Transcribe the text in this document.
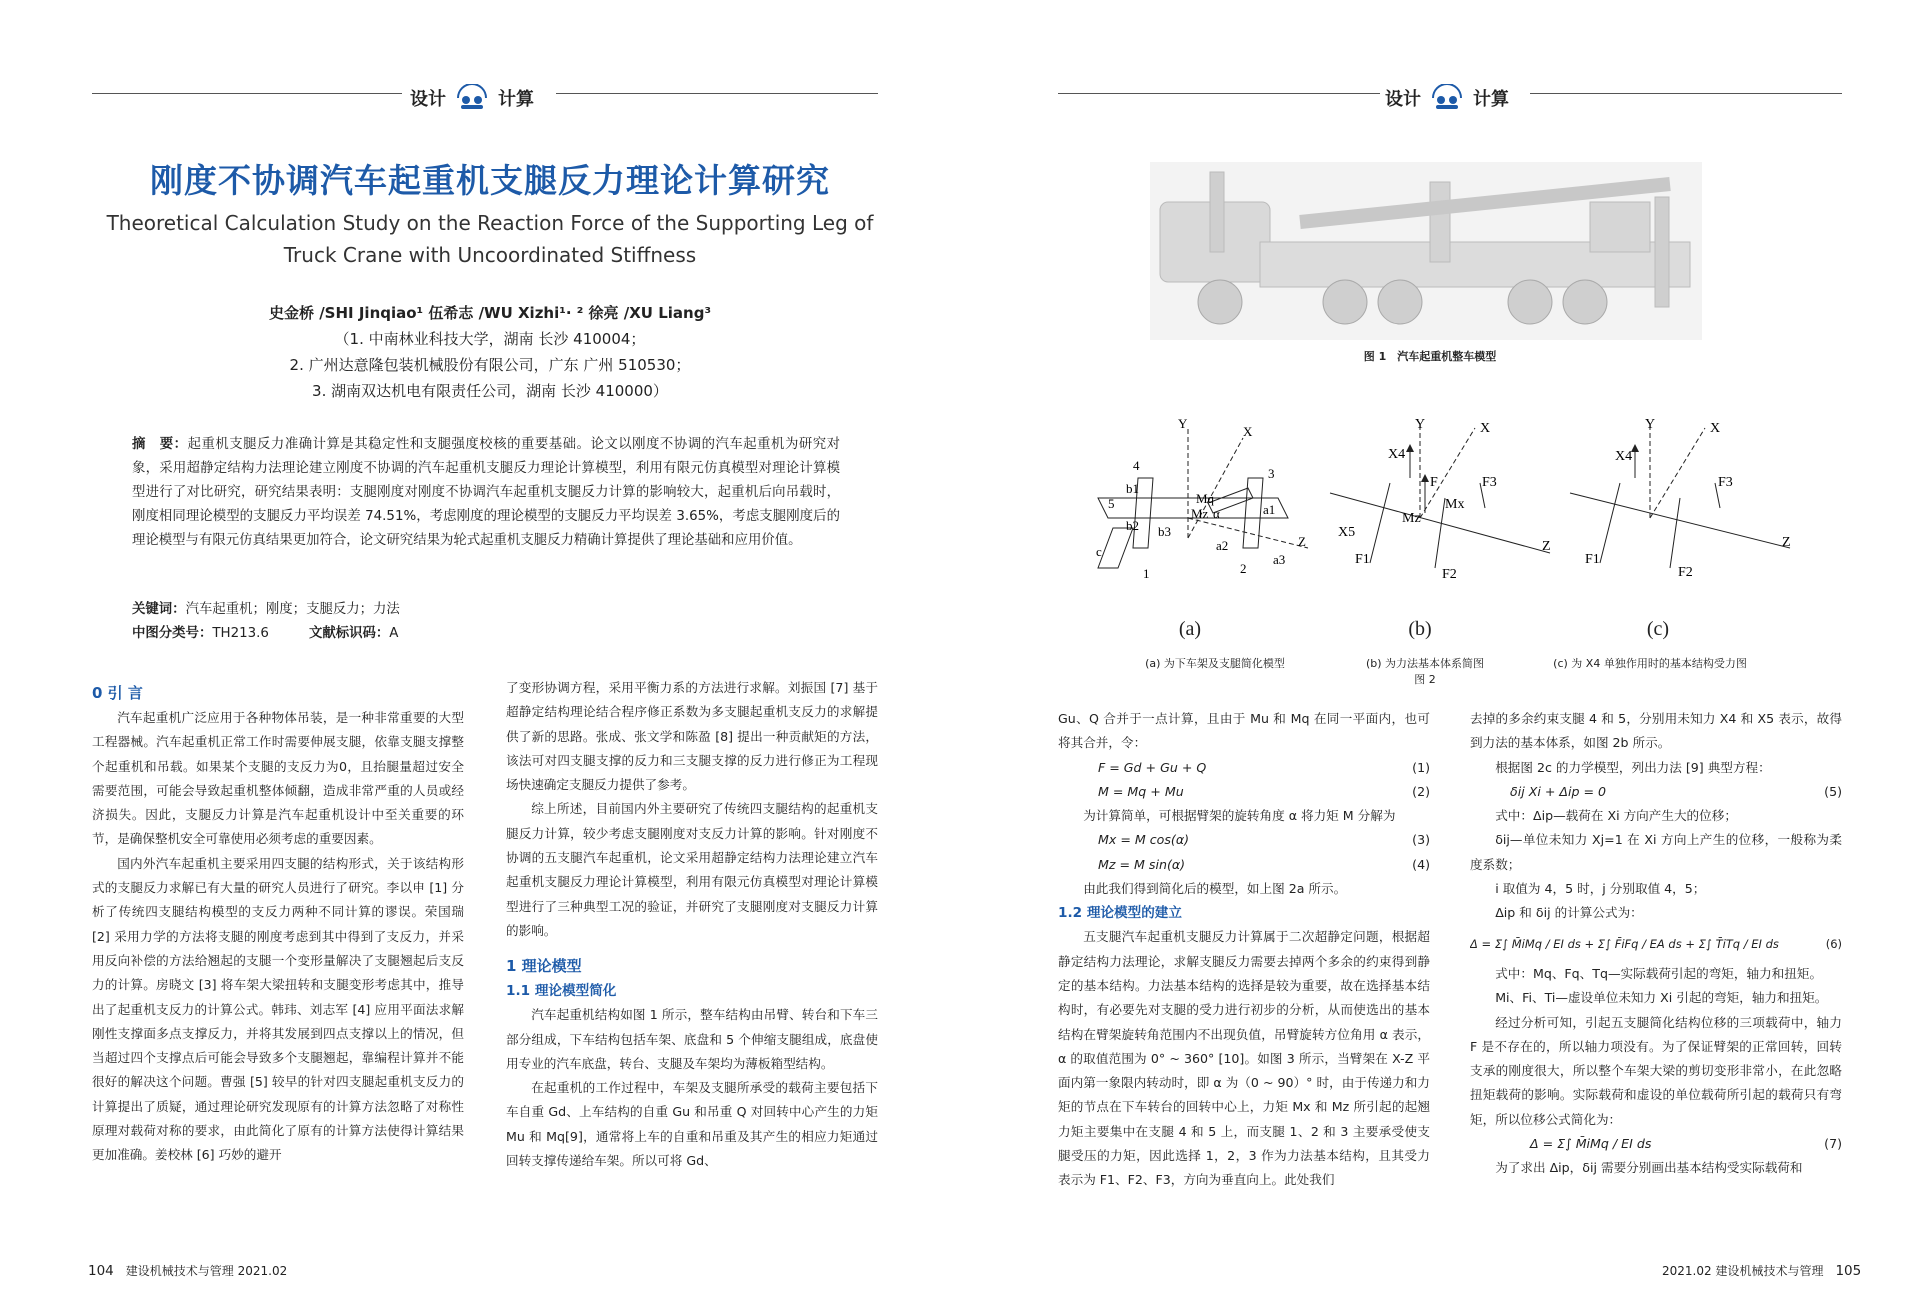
设计	计算	设计	计算
刚度不协调汽车起重机支腿反力理论计算研究
Theoretical Calculation Study on the Reaction Force of the Supporting Leg of Truck Crane with Uncoordinated Stiffness
史金桥 /SHI Jinqiao¹ 伍希志 /WU Xizhi¹· ² 徐亮 /XU Liang³
（1. 中南林业科技大学，湖南 长沙 410004；
2. 广州达意隆包装机械股份有限公司，广东 广州 510530；
3. 湖南双达机电有限责任公司，湖南 长沙 410000）
摘　要：起重机支腿反力准确计算是其稳定性和支腿强度校核的重要基础。论文以刚度不协调的汽车起重机为研究对象，采用超静定结构力法理论建立刚度不协调的汽车起重机支腿反力理论计算模型，利用有限元仿真模型对理论计算模型进行了对比研究，研究结果表明：支腿刚度对刚度不协调汽车起重机支腿反力计算的影响较大，起重机后向吊载时，刚度相同理论模型的支腿反力平均误差 74.51%，考虑刚度的理论模型的支腿反力平均误差 3.65%，考虑支腿刚度后的理论模型与有限元仿真结果更加符合，论文研究结果为轮式起重机支腿反力精确计算提供了理论基础和应用价值。
关键词：汽车起重机；刚度；支腿反力；力法
中图分类号：TH213.6	文献标识码：A

0 引 言

汽车起重机广泛应用于各种物体吊装，是一种非常重要的大型工程器械。汽车起重机正常工作时需要伸展支腿，依靠支腿支撑整个起重机和吊载。如果某个支腿的支反力为0，且抬腿量超过安全需要范围，可能会导致起重机整体倾翻，造成非常严重的人员或经济损失。因此，支腿反力计算是汽车起重机设计中至关重要的环节，是确保整机安全可靠使用必须考虑的重要因素。

国内外汽车起重机主要采用四支腿的结构形式，关于该结构形式的支腿反力求解已有大量的研究人员进行了研究。李以申 [1] 分析了传统四支腿结构模型的支反力两种不同计算的谬误。荣国瑞 [2] 采用力学的方法将支腿的刚度考虑到其中得到了支反力，并采用反向补偿的方法给翘起的支腿一个变形量解决了支腿翘起后支反力的计算。房晓文 [3] 将车架大梁扭转和支腿变形考虑其中，推导出了起重机支反力的计算公式。韩玮、刘志军 [4] 应用平面法求解刚性支撑面多点支撑反力，并将其发展到四点支撑以上的情况，但当超过四个支撑点后可能会导致多个支腿翘起，靠编程计算并不能很好的解决这个问题。曹强 [5] 较早的针对四支腿起重机支反力的计算提出了质疑，通过理论研究发现原有的计算方法忽略了对称性原理对载荷对称的要求，由此简化了原有的计算方法使得计算结果更加准确。姜校林 [6] 巧妙的避开

了变形协调方程，采用平衡力系的方法进行求解。刘振国 [7] 基于超静定结构理论结合程序修正系数为多支腿起重机支反力的求解提供了新的思路。张成、张文学和陈盈 [8] 提出一种贡献矩的方法，该法可对四支腿支撑的反力和三支腿支撑的反力进行修正为工程现场快速确定支腿反力提供了参考。

综上所述，目前国内外主要研究了传统四支腿结构的起重机支腿反力计算，较少考虑支腿刚度对支反力计算的影响。针对刚度不协调的五支腿汽车起重机，论文采用超静定结构力法理论建立汽车起重机支腿反力理论计算模型，利用有限元仿真模型对理论计算模型进行了三种典型工况的验证，并研究了支腿刚度对支腿反力计算的影响。

1 理论模型

1.1 理论模型简化

汽车起重机结构如图 1 所示，整车结构由吊臂、转台和下车三部分组成，下车结构包括车架、底盘和 5 个伸缩支腿组成，底盘使用专业的汽车底盘，转台、支腿及车架均为薄板箱型结构。

在起重机的工作过程中，车架及支腿所承受的载荷主要包括下车自重 Gd、上车结构的自重 Gu 和吊重 Q 对回转中心产生的力矩 Mu 和 Mq[9]，通常将上车的自重和吊重及其产生的相应力矩通过回转支撑传递给车架。所以可将 Gd、

104 建设机械技术与管理 2021.02
图 1　汽车起重机整车模型
Y
X
Z
1	2
3
4
5
b1
b2 b3
a1
a2
a3
c
Mz
Mq
α
Y	X
Z
X4
X5
F
Mx
Mz
F1
F2
F3
Y	X
Z
X4
F1
F2
F3
(a)	(b)	(c)
(a) 为下车架及支腿简化模型	(b) 为力法基本体系简图	(c) 为 X4 单独作用时的基本结构受力图
图 2

Gu、Q 合并于一点计算，且由于 Mu 和 Mq 在同一平面内，也可将其合并，令：

F = Gd + Gu + Q	(1)

M = Mq + Mu	(2)

为计算简单，可根据臂架的旋转角度 α 将力矩 M 分解为

Mx = M cos(α)	(3)

Mz = M sin(α)	(4)

由此我们得到简化后的模型，如上图 2a 所示。

1.2 理论模型的建立

五支腿汽车起重机支腿反力计算属于二次超静定问题，根据超静定结构力法理论，求解支腿反力需要去掉两个多余的约束得到静定的基本结构。力法基本结构的选择是较为重要，故在选择基本结构时，有必要先对支腿的受力进行初步的分析，从而使选出的基本结构在臂架旋转角范围内不出现负值，吊臂旋转方位角用 α 表示，α 的取值范围为 0° ~ 360° [10]。如图 3 所示，当臂架在 X-Z 平面内第一象限内转动时，即 α 为（0 ~ 90）° 时，由于传递力和力矩的节点在下车转台的回转中心上，力矩 Mx 和 Mz 所引起的起翘力矩主要集中在支腿 4 和 5 上，而支腿 1、2 和 3 主要承受使支腿受压的力矩，因此选择 1，2，3 作为力法基本结构，且其受力表示为 F1、F2、F3，方向为垂直向上。此处我们

去掉的多余约束支腿 4 和 5，分别用未知力 X4 和 X5 表示，故得到力法的基本体系，如图 2b 所示。

根据图 2c 的力学模型，列出力法 [9] 典型方程：

δij Xi + Δip = 0	(5)

式中：Δip—载荷在 Xi 方向产生大的位移；

δij—单位未知力 Xj=1 在 Xi 方向上产生的位移，一般称为柔度系数；

i 取值为 4，5 时，j 分别取值 4，5；

Δip 和 δij 的计算公式为：

Δ = Σ∫ M̄iMq / EI ds + Σ∫ F̄iFq / EA ds + Σ∫ T̄iTq / EI ds	(6)

式中：Mq、Fq、Tq—实际载荷引起的弯矩，轴力和扭矩。

Mi、Fi、Ti—虚设单位未知力 Xi 引起的弯矩，轴力和扭矩。

经过分析可知，引起五支腿简化结构位移的三项载荷中，轴力 F 是不存在的，所以轴力项没有。为了保证臂架的正常回转，回转支承的刚度很大，所以整个车架大梁的剪切变形非常小，在此忽略扭矩载荷的影响。实际载荷和虚设的单位载荷所引起的载荷只有弯矩，所以位移公式简化为：

Δ = Σ∫ M̄iMq / EI ds	(7)

为了求出 Δip，δij 需要分别画出基本结构受实际载荷和

2021.02 建设机械技术与管理 105
